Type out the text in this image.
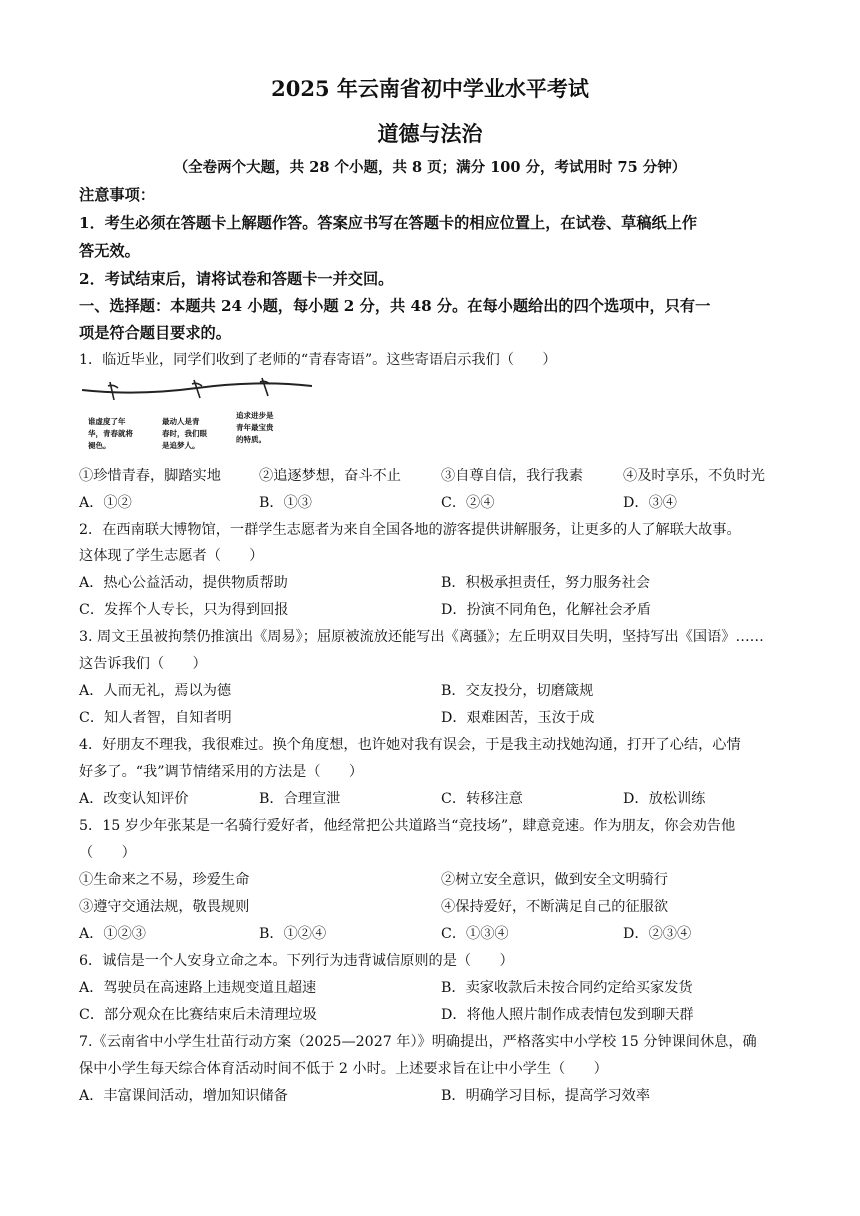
2025 年云南省初中学业水平考试
道德与法治
（全卷两个大题，共 28 个小题，共 8 页；满分 100 分，考试用时 75 分钟）
注意事项：
1．考生必须在答题卡上解题作答。答案应书写在答题卡的相应位置上，在试卷、草稿纸上作
答无效。
2．考试结束后，请将试卷和答题卡一并交回。
一、选择题：本题共 24 小题，每小题 2 分，共 48 分。在每小题给出的四个选项中，只有一
项是符合题目要求的。
1．临近毕业，同学们收到了老师的“青春寄语”。这些寄语启示我们（　　）
谁虚度了年
华，青春就将
褪色。
最动人是青
春时，我们眼
是追梦人。
追求进步是
青年最宝贵
的特质。
①珍惜青春，脚踏实地	②追逐梦想，奋斗不止	③自尊自信，我行我素	④及时享乐，不负时光
A．①②	B．①③	C．②④	D．③④
2．在西南联大博物馆，一群学生志愿者为来自全国各地的游客提供讲解服务，让更多的人了解联大故事。
这体现了学生志愿者（　　）
A．热心公益活动，提供物质帮助	B．积极承担责任，努力服务社会
C．发挥个人专长，只为得到回报	D．扮演不同角色，化解社会矛盾
3. 周文王虽被拘禁仍推演出《周易》；屈原被流放还能写出《离骚》；左丘明双目失明，坚持写出《国语》……
这告诉我们（　　）
A．人而无礼，焉以为德	B．交友投分，切磨箴规
C．知人者智，自知者明	D．艰难困苦，玉汝于成
4．好朋友不理我，我很难过。换个角度想，也许她对我有误会，于是我主动找她沟通，打开了心结，心情
好多了。“我”调节情绪采用的方法是（　　）
A．改变认知评价	B．合理宣泄	C．转移注意	D．放松训练
5．15 岁少年张某是一名骑行爱好者，他经常把公共道路当“竞技场”，肆意竞速。作为朋友，你会劝告他
（　　）
①生命来之不易，珍爱生命	②树立安全意识，做到安全文明骑行
③遵守交通法规，敬畏规则	④保持爱好，不断满足自己的征服欲
A．①②③	B．①②④	C．①③④	D．②③④
6．诚信是一个人安身立命之本。下列行为违背诚信原则的是（　　）
A．驾驶员在高速路上违规变道且超速	B．卖家收款后未按合同约定给买家发货
C．部分观众在比赛结束后未清理垃圾	D．将他人照片制作成表情包发到聊天群
7.《云南省中小学生壮苗行动方案（2025—2027 年）》明确提出，严格落实中小学校 15 分钟课间休息，确
保中小学生每天综合体育活动时间不低于 2 小时。上述要求旨在让中小学生（　　）
A．丰富课间活动，增加知识储备	B．明确学习目标，提高学习效率
